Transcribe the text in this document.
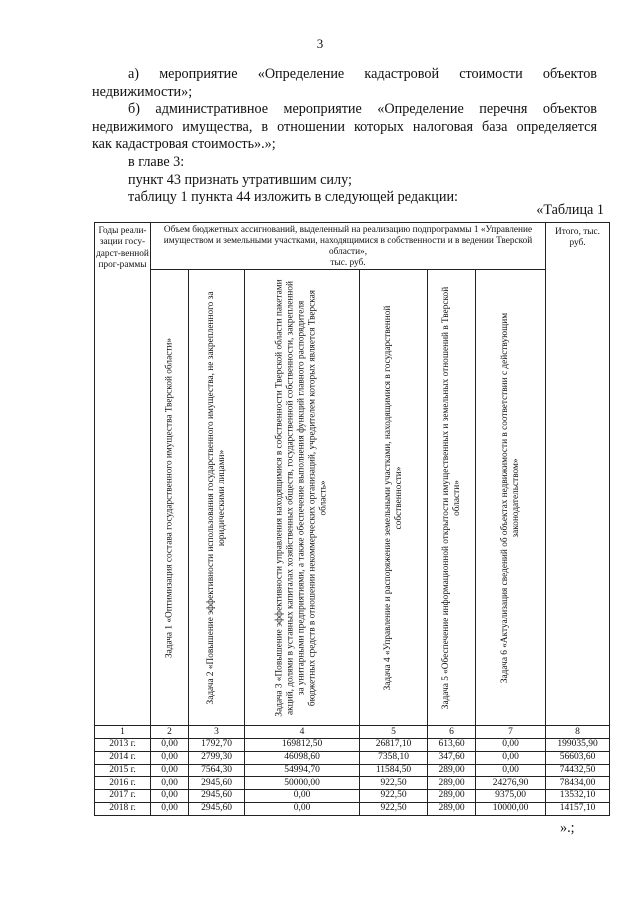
3

а) мероприятие «Определение кадастровой стоимости объектов

недвижимости»;

б) административное мероприятие «Определение перечня объектов

недвижимого имущества, в отношении которых налоговая база определяется

как кадастровая стоимость».»;

в главе 3:

пункт 43 признать утратившим силу;

таблицу 1 пункта 44 изложить в следующей редакции:

«Таблица 1
Годы реали-зации госу-дарст-венной прог-раммы	Объем бюджетных ассигнований, выделенный на реализацию подпрограммы 1 «Управление имуществом и земельными участками, находящимися в собственности и в ведении Тверской области»,
тыс. руб.						Итого, тыс. руб.

	Задача 1 «Оптимизация состава государственного имущества Тверской области»	Задача 2 «Повышение эффективности использования государственного имущества, не закрепленного за юридическими лицами»	Задача 3 «Повышение эффективности управления находящимися в собственности Тверской области пакетами акций, долями в уставных капиталах хозяйственных обществ, государственной собственности, закрепленной за унитарными предприятиями, а также обеспечение выполнения функций главного распорядителя бюджетных средств в отношении некоммерческих организаций, учредителем которых является Тверская область»	Задача 4 «Управление и распоряжение земельными участками, находящимися в государственной собственности»	Задача 5 «Обеспечение информационной открытости имущественных и земельных отношений в Тверской области»	Задача 6 «Актуализация сведений об объектах недвижимости в соответствии с действующим законодательством»	

1	2	3	4	5	6	7	8
2013 г.	0,00	1792,70	169812,50	26817,10	613,60	0,00	199035,90
2014 г.	0,00	2799,30	46098,60	7358,10	347,60	0,00	56603,60
2015 г.	0,00	7564,30	54994,70	11584,50	289,00	0,00	74432,50
2016 г.	0,00	2945,60	50000,00	922,50	289,00	24276,90	78434,00
2017 г.	0,00	2945,60	0,00	922,50	289,00	9375,00	13532,10
2018 г.	0,00	2945,60	0,00	922,50	289,00	10000,00	14157,10
».;
